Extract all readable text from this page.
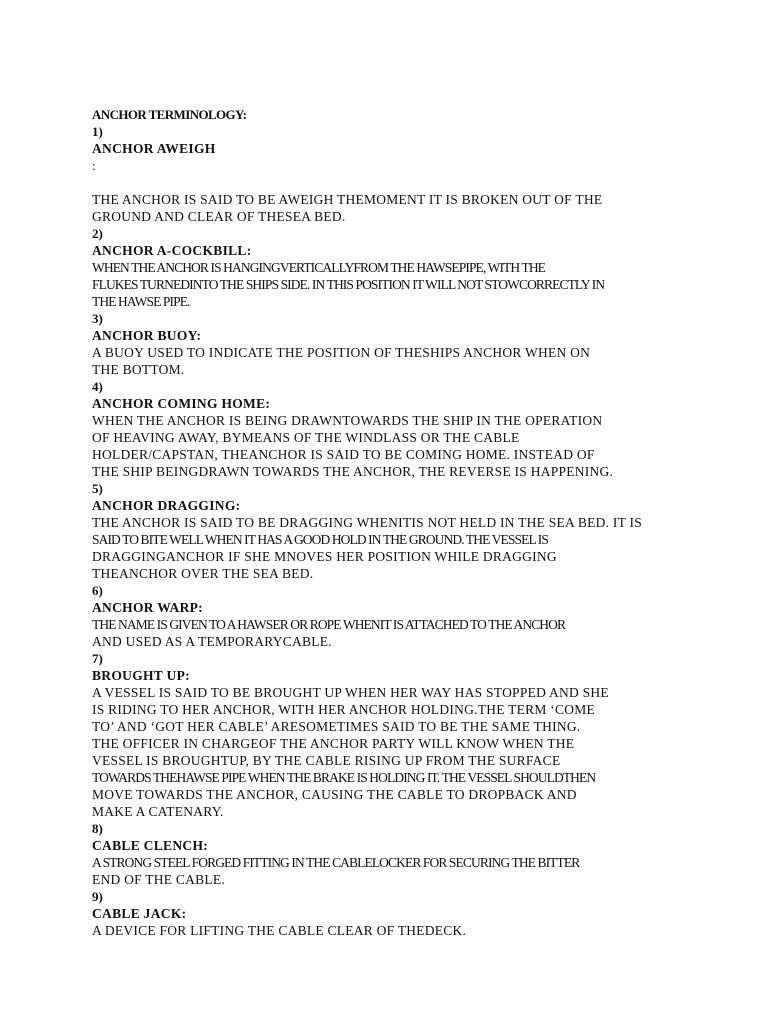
ANCHOR TERMINOLOGY:
1)
ANCHOR AWEIGH
:
THE ANCHOR IS SAID TO BE AWEIGH THEMOMENT IT IS BROKEN OUT OF THE
GROUND AND CLEAR OF THESEA BED.
2)
ANCHOR A-COCKBILL:
WHEN THE ANCHOR IS HANGINGVERTICALLYFROM THE HAWSEPIPE, WITH THE
FLUKES TURNEDINTO THE SHIPS SIDE. IN THIS POSITION IT WILL NOT STOWCORRECTLY IN
THE HAWSE PIPE.
3)
ANCHOR BUOY:
A BUOY USED TO INDICATE THE POSITION OF THESHIPS ANCHOR WHEN ON
THE BOTTOM.
4)
ANCHOR COMING HOME:
WHEN THE ANCHOR IS BEING DRAWNTOWARDS THE SHIP IN THE OPERATION
OF HEAVING AWAY, BYMEANS OF THE WINDLASS OR THE CABLE
HOLDER/CAPSTAN, THEANCHOR IS SAID TO BE COMING HOME. INSTEAD OF
THE SHIP BEINGDRAWN TOWARDS THE ANCHOR, THE REVERSE IS HAPPENING.
5)
ANCHOR DRAGGING:
THE ANCHOR IS SAID TO BE DRAGGING WHENITIS NOT HELD IN THE SEA BED. IT IS
SAID TO BITE WELL WHEN IT HAS A GOOD HOLD IN THE GROUND. THE VESSEL IS
DRAGGINGANCHOR IF SHE MNOVES HER POSITION WHILE DRAGGING
THEANCHOR OVER THE SEA BED.
6)
ANCHOR WARP:
THE NAME IS GIVEN TO A HAWSER OR ROPE WHENIT IS ATTACHED TO THE ANCHOR
AND USED AS A TEMPORARYCABLE.
7)
BROUGHT UP:
A VESSEL IS SAID TO BE BROUGHT UP WHEN HER WAY HAS STOPPED AND SHE
IS RIDING TO HER ANCHOR, WITH HER ANCHOR HOLDING.THE TERM ‘COME
TO’ AND ‘GOT HER CABLE’ ARESOMETIMES SAID TO BE THE SAME THING.
THE OFFICER IN CHARGEOF THE ANCHOR PARTY WILL KNOW WHEN THE
VESSEL IS BROUGHTUP, BY THE CABLE RISING UP FROM THE SURFACE
TOWARDS THEHAWSE PIPE WHEN THE BRAKE IS HOLDING IT. THE VESSEL SHOULDTHEN
MOVE TOWARDS THE ANCHOR, CAUSING THE CABLE TO DROPBACK AND
MAKE A CATENARY.
8)
CABLE CLENCH:
A STRONG STEEL FORGED FITTING IN THE CABLELOCKER FOR SECURING THE BITTER
END OF THE CABLE.
9)
CABLE JACK:
A DEVICE FOR LIFTING THE CABLE CLEAR OF THEDECK.
